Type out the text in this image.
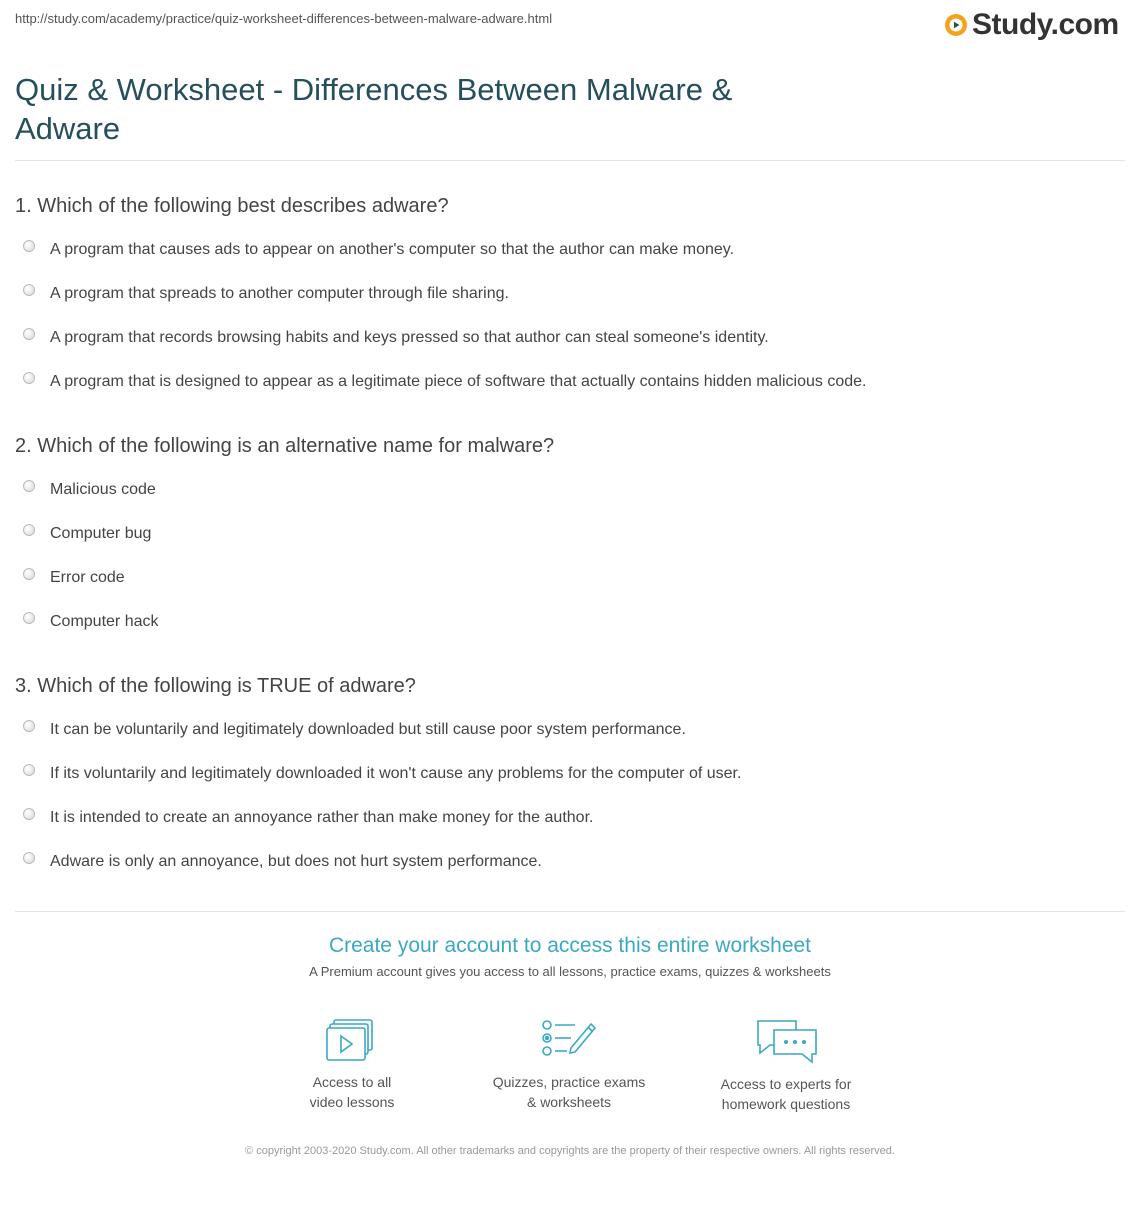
http://study.com/academy/practice/quiz-worksheet-differences-between-malware-adware.html	Study.com
Quiz & Worksheet - Differences Between Malware & Adware

1. Which of the following best describes adware?

A program that causes ads to appear on another's computer so that the author can make money.
A program that spreads to another computer through file sharing.
A program that records browsing habits and keys pressed so that author can steal someone's identity.
A program that is designed to appear as a legitimate piece of software that actually contains hidden malicious code.

2. Which of the following is an alternative name for malware?

Malicious code
Computer bug
Error code
Computer hack

3. Which of the following is TRUE of adware?

It can be voluntarily and legitimately downloaded but still cause poor system performance.
If its voluntarily and legitimately downloaded it won't cause any problems for the computer of user.
It is intended to create an annoyance rather than make money for the author.
Adware is only an annoyance, but does not hurt system performance.
Create your account to access this entire worksheet
A Premium account gives you access to all lessons, practice exams, quizzes & worksheets
Access to all
video lessons
Quizzes, practice exams
& worksheets
Access to experts for
homework questions
© copyright 2003-2020 Study.com. All other trademarks and copyrights are the property of their respective owners. All rights reserved.
